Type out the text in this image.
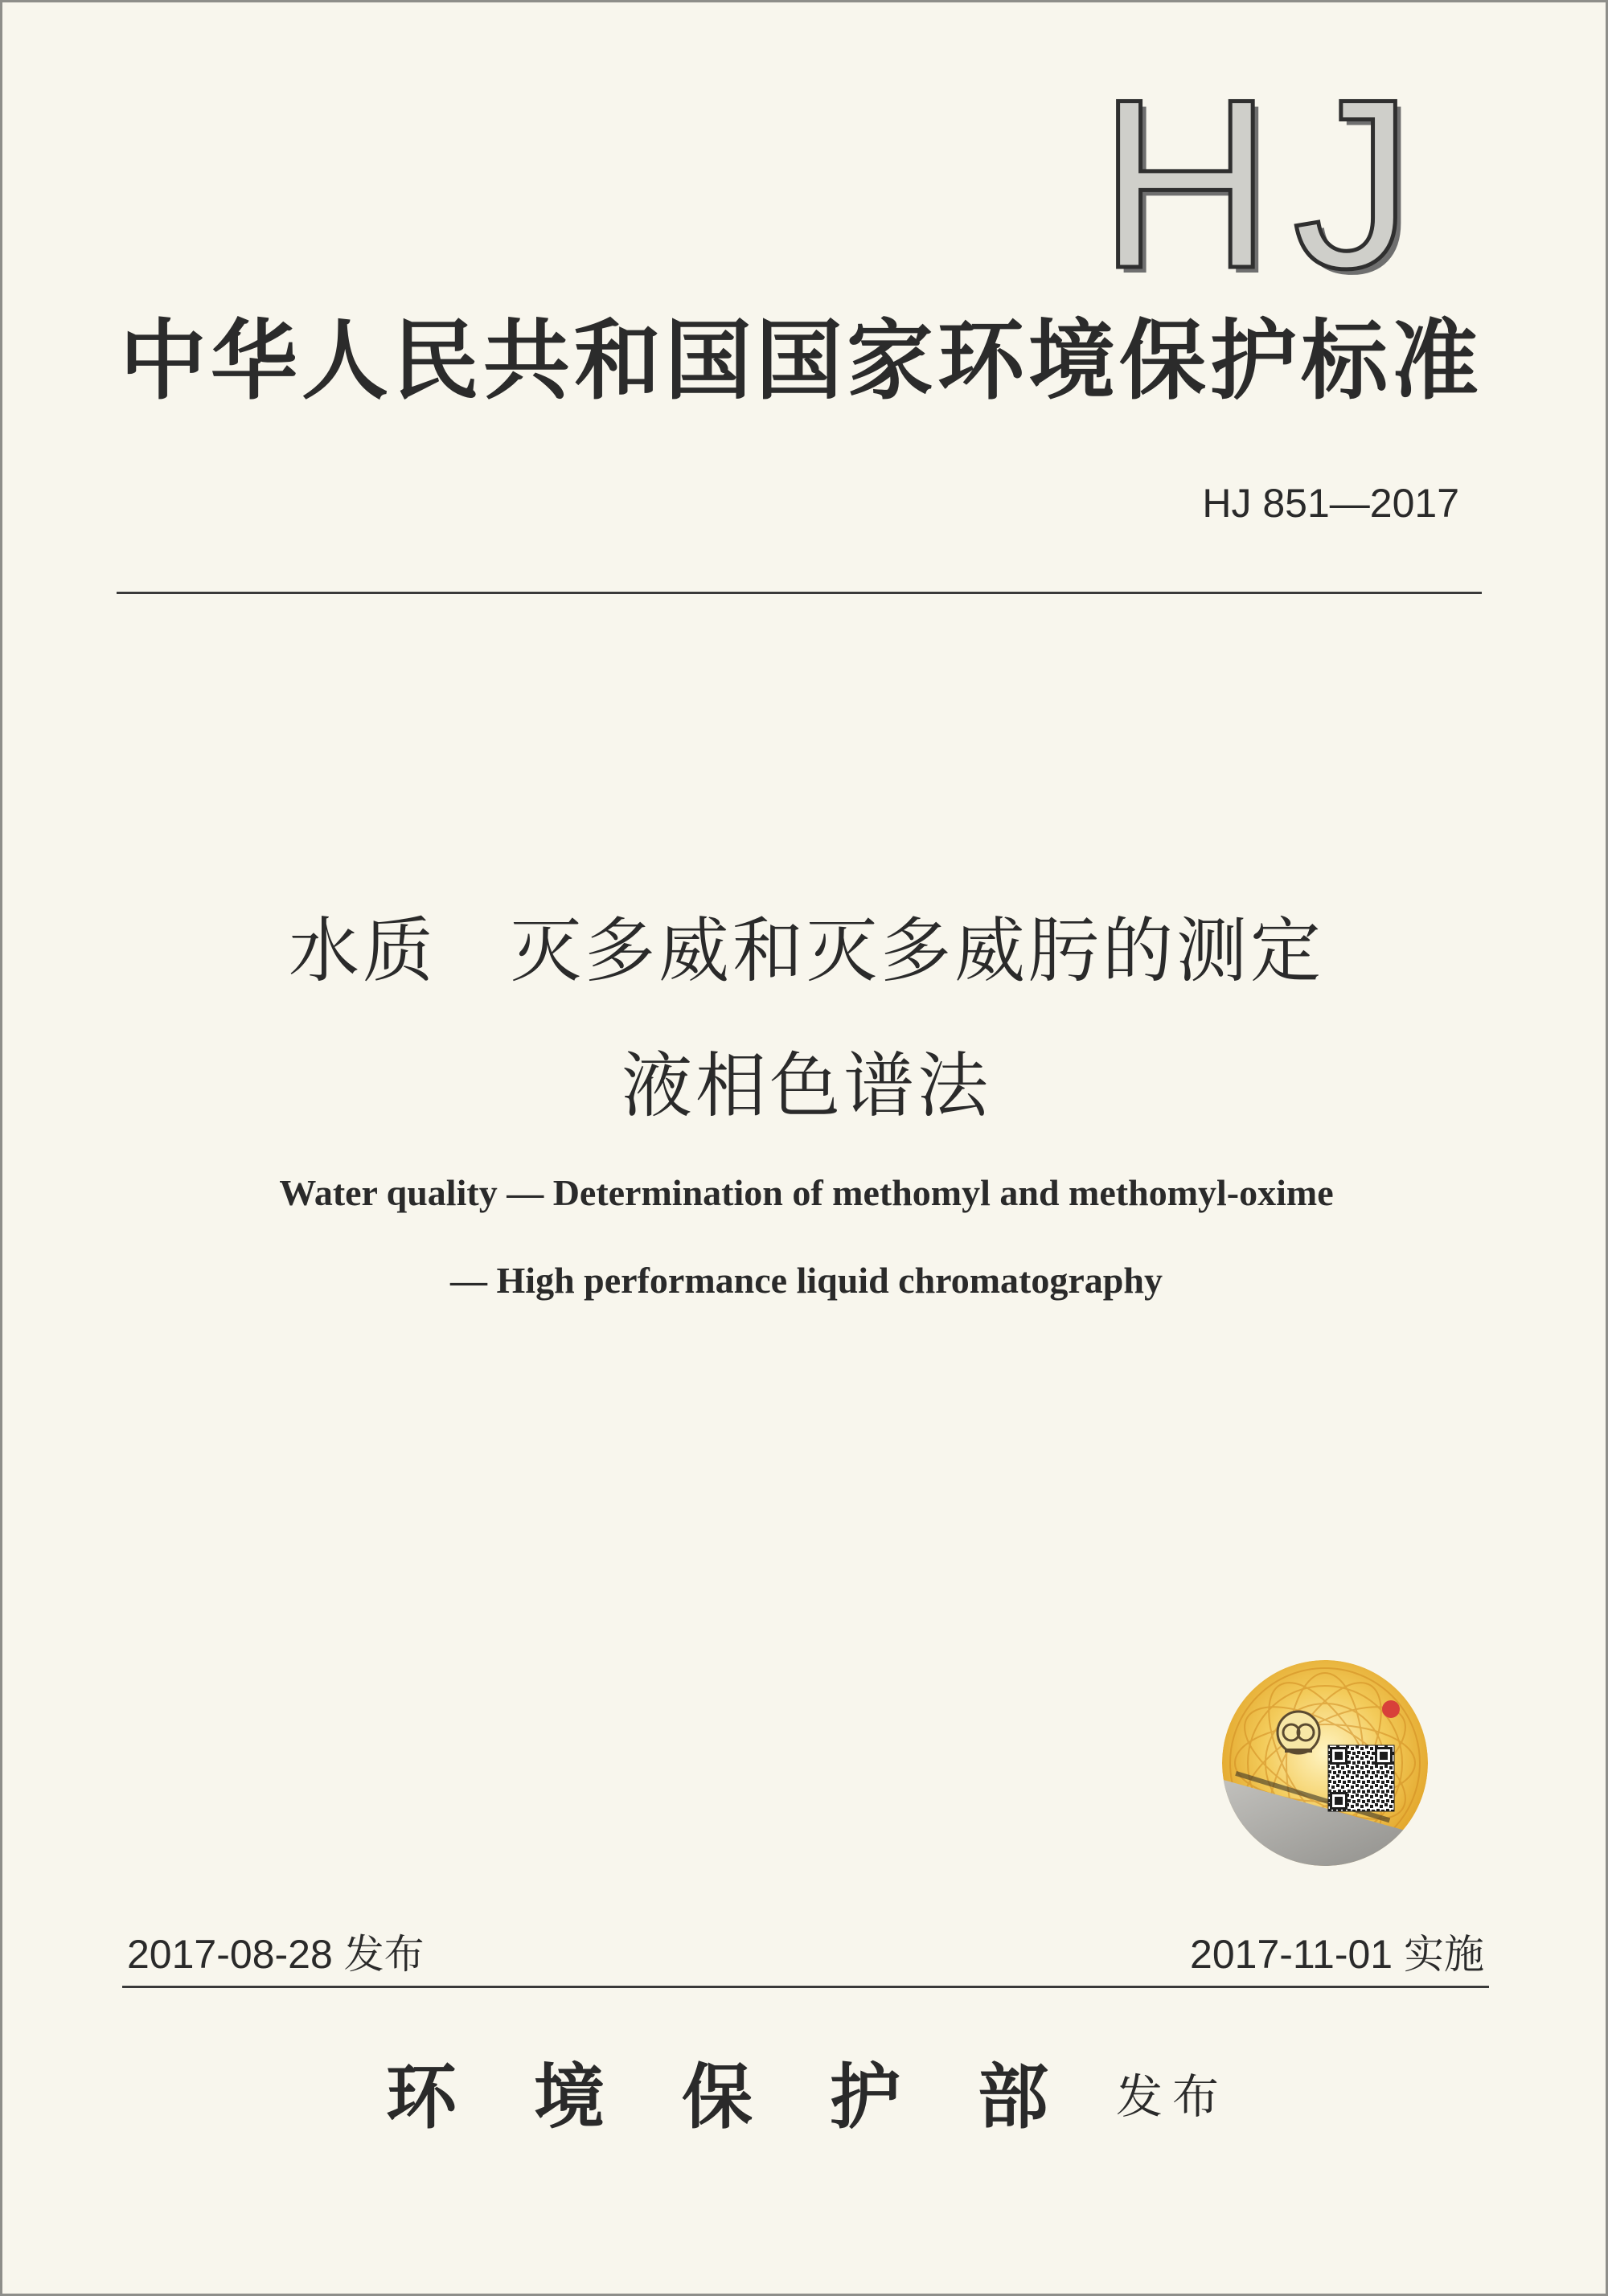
HJ
中华人民共和国国家环境保护标准
HJ 851—2017
水质　灭多威和灭多威肟的测定
液相色谱法
Water quality — Determination of methomyl and methomyl-oxime
— High performance liquid chromatography
2017-08-28 发布	2017-11-01 实施
环境保护部
发布
